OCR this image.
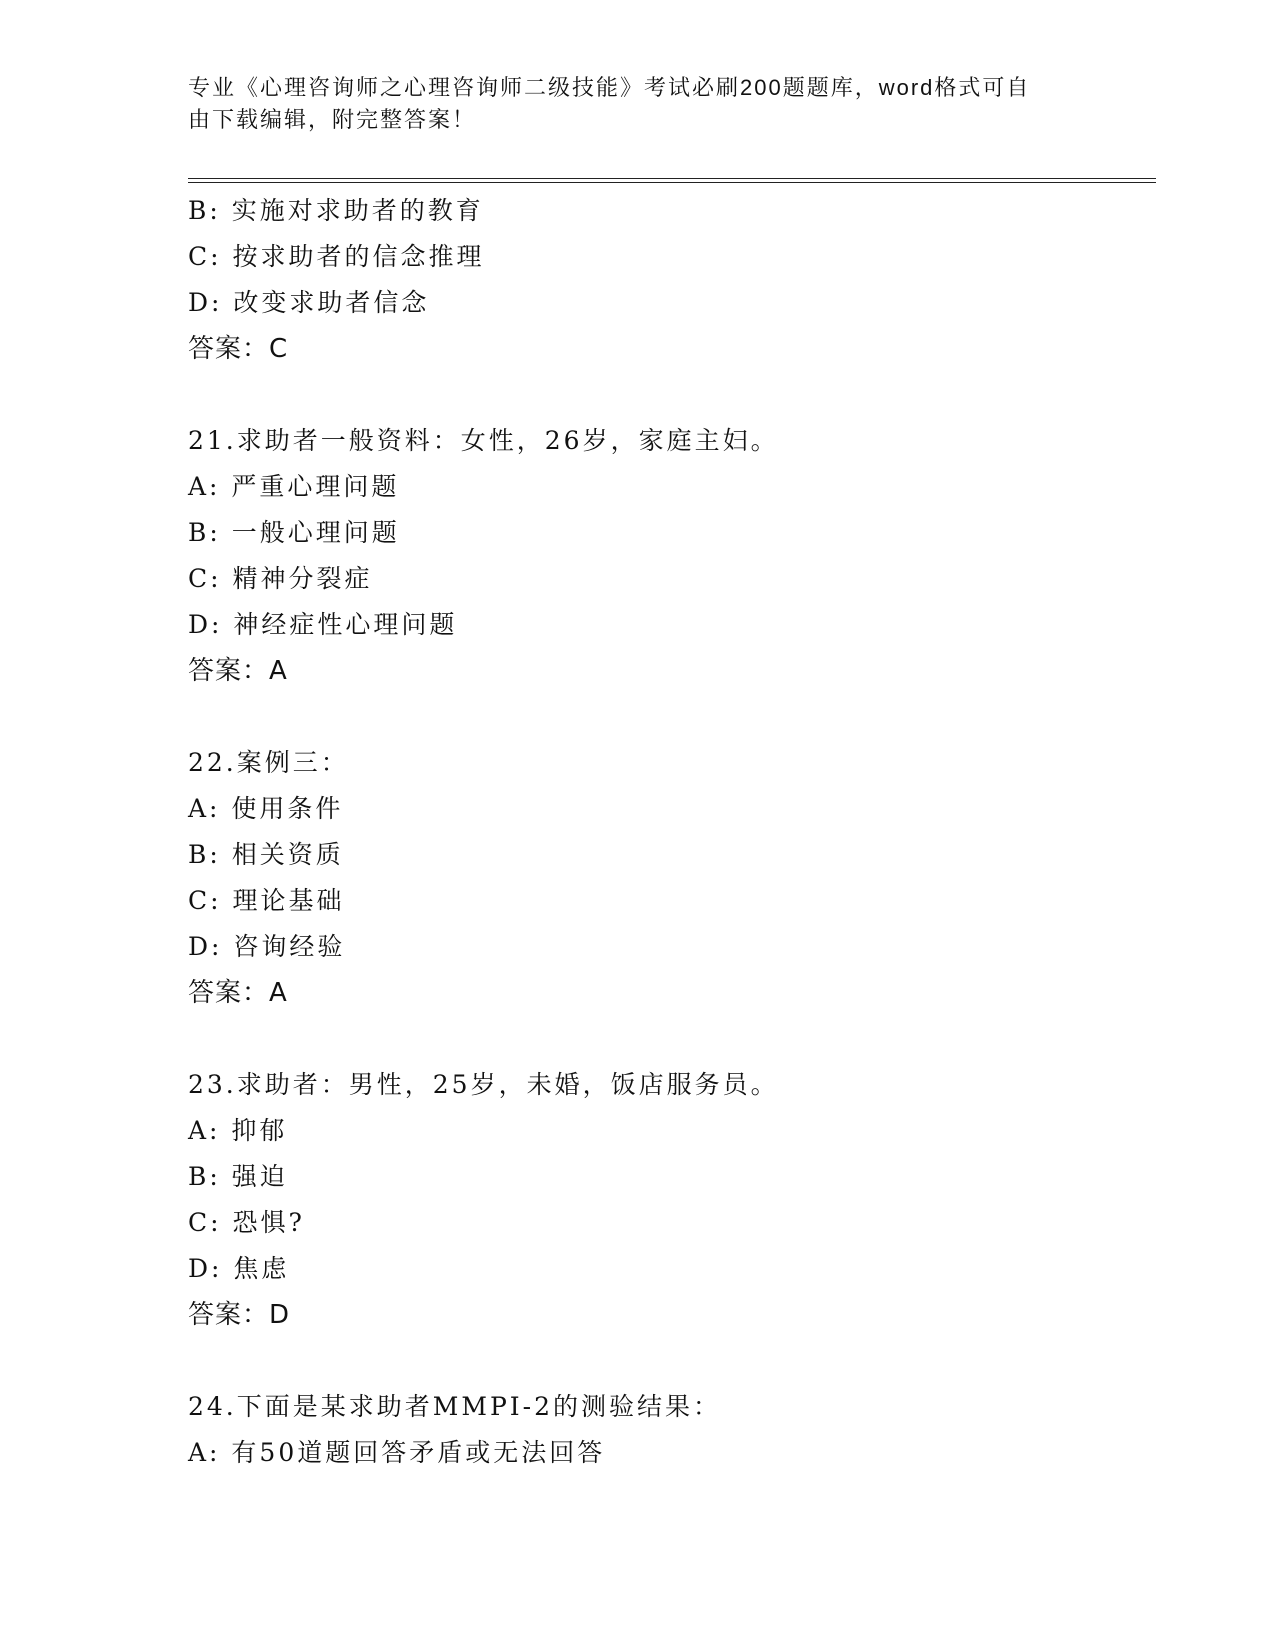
专业《心理咨询师之心理咨询师二级技能》考试必刷200题题库，word格式可自
由下载编辑，附完整答案！
B: 实施对求助者的教育
C: 按求助者的信念推理
D: 改变求助者信念
答案：C
21.求助者一般资料：女性，26岁，家庭主妇。
A: 严重心理问题
B: 一般心理问题
C: 精神分裂症
D: 神经症性心理问题
答案：A
22.案例三：
A: 使用条件
B: 相关资质
C: 理论基础
D: 咨询经验
答案：A
23.求助者：男性，25岁，未婚，饭店服务员。
A: 抑郁
B: 强迫
C: 恐惧?
D: 焦虑
答案：D
24.下面是某求助者MMPI-2的测验结果：
A: 有50道题回答矛盾或无法回答
